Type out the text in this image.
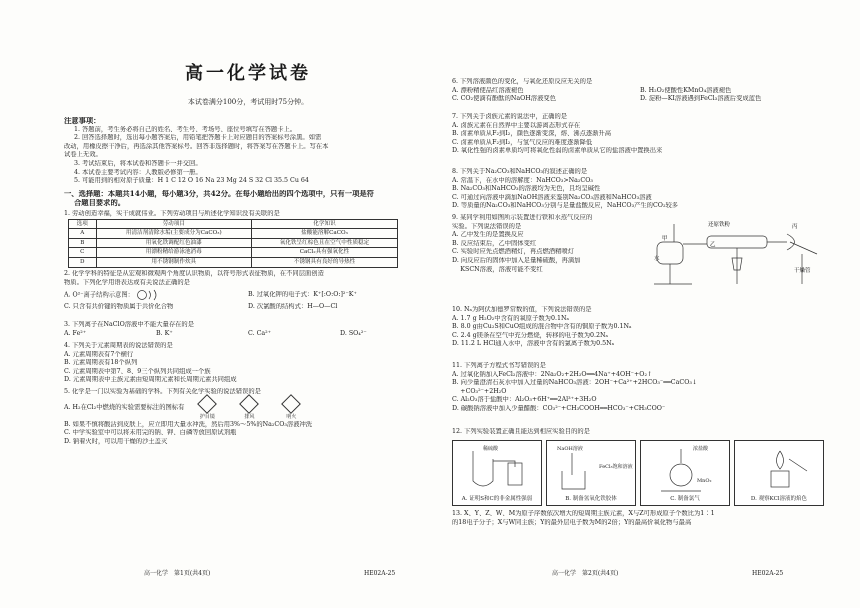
高一化学试卷
本试卷满分100分，考试用时75分钟。
注意事项：
1. 答题前，考生务必将自己的姓名、考生号、考场号、座位号填写在答题卡上。
2. 回答选择题时，选出每小题答案后，用铅笔把答题卡上对应题目的答案标号涂黑。如需
改动，用橡皮擦干净后，再选涂其他答案标号。回答非选择题时，将答案写在答题卡上。写在本
试卷上无效。
3. 考试结束后，将本试卷和答题卡一并交回。
4. 本试卷主要考试内容：人教版必修第一册。
5. 可能用到的相对原子质量：H 1 C 12 O 16 Na 23 Mg 24 S 32 Cl 35.5 Cu 64
一、选择题：本题共14小题，每小题3分，共42分。在每小题给出的四个选项中，只有一项是符
合题目要求的。
1. 劳动创造幸福，实干成就伟业。下列劳动项目与所述化学知识没有关联的是
选项	劳动项目	化学知识
A	用清洁剂清除水垢(主要成分为CaCO₃)	盐酸能溶解CaCO₃
B	用氧化铁调配红色油漆	氧化铁呈红棕色且在空气中性质稳定
C	用漂粉精给游泳池消毒	CaCl₂具有强氧化性
D	用不锈钢制作炊具	不锈钢具有良好的导热性
2. 化学学科的特征是从宏观和微观两个角度认识物质，以符号形式表征物质，在不同层面创造
物质。下列化学用语表达或有关说法正确的是
A. O²⁻离子结构示意图：	B. 过氧化钾的电子式：K⁺[:O:O:]²⁻K⁺
C. 只含有共价键的物质属于共价化合物	D. 次氯酸的结构式：H—O—Cl
3. 下列离子在NaClO溶液中不能大量存在的是
A. Fe²⁺	B. K⁺	C. Ca²⁺	D. SO₄²⁻
4. 下列关于元素周期表的说法错误的是
A. 元素周期表有7个横行
B. 元素周期表有18个纵列
C. 元素周期表中第7、8、9三个纵列共同组成一个族
D. 元素周期表中主族元素由短周期元素和长周期元素共同组成
5. 化学是一门以实验为基础的学科。下列有关化学实验的说法错误的是
A. H₂在Cl₂中燃烧的实验需要标注的图标有
护目镜	排风	明火
B. 如果不慎将酸沾到皮肤上，应立即用大量水冲洗，然后用3%～5%的Na₂CO₃溶液冲洗
C. 中学实验室中可以将未用完的钠、钾、白磷等放回原试剂瓶
D. 钠着火时，可以用干燥的沙土盖灭
高一化学　第1页(共4页)	HE02A-25
6. 下列溶液颜色的变化，与氧化还原反应无关的是
A. 漂粉精使品红溶液褪色	B. H₂O₂使酸性KMnO₄溶液褪色
C. CO₂使滴有酚酞的NaOH溶液变色	D. 淀粉—KI溶液遇到FeCl₃溶液后变成蓝色
7. 下列关于卤族元素的说法中，正确的是
A. 卤族元素在自然界中主要以游离态形式存在
B. 卤素单质从F₂到I₂，颜色逐渐变深，熔、沸点逐渐升高
C. 卤素单质从F₂到I₂，与氢气反应的难度逐渐降低
D. 氧化性强的卤素单质均可将氧化性弱的卤素单质从它的盐溶液中置换出来
8. 下列关于Na₂CO₃和NaHCO₃的叙述正确的是
A. 常温下，在水中的溶解度：NaHCO₃>Na₂CO₃
B. Na₂CO₃和NaHCO₃的溶液均为无色，且均呈碱性
C. 可通过向溶液中滴加NaOH溶液来鉴别Na₂CO₃溶液和NaHCO₃溶液
D. 等质量的Na₂CO₃和NaHCO₃分别与足量盐酸反应，NaHCO₃产生的CO₂较多
9. 某同学利用如图所示装置进行铁和水蒸气反应的
实验。下列说法错误的是
A. 乙中发生的是置换反应
B. 反应结束后，乙中固体变红
C. 实验时应先点燃酒精灯，再点燃酒精喷灯
D. 向反应后的固体中加入足量稀硫酸，再滴加
　 KSCN溶液，溶液可能不变红
还原铁粉
乙
甲
丙
水
干燥管
10. Nₐ为阿伏加德罗常数的值，下列说法错误的是
A. 1.7 g H₂O₂中含有的氧原子数为0.1Nₐ
B. 8.0 g由Cu₂S和CuO组成的混合物中含有的铜原子数为0.1Nₐ
C. 2.4 g镁条在空气中充分燃烧，转移的电子数为0.2Nₐ
D. 11.2 L HCl通入水中，溶液中含有的氯离子数为0.5Nₐ
11. 下列离子方程式书写错误的是
A. 过氧化钠加入FeCl₂溶液中：2Na₂O₂+2H₂O══4Na⁺+4OH⁻+O₂↑
B. 向少量澄清石灰水中加入过量的NaHCO₃溶液：2OH⁻+Ca²⁺+2HCO₃⁻══CaCO₃↓
　 +CO₃²⁻+2H₂O
C. Al₂O₃溶于盐酸中：Al₂O₃+6H⁺══2Al³⁺+3H₂O
D. 碳酸钠溶液中加入少量醋酸：CO₃²⁻+CH₃COOH══HCO₃⁻+CH₃COO⁻
12. 下列实验装置正确且能达到相应实验目的的是
稀硫酸
A. 证明S和C的非金属性强弱
NaOH溶液
FeCl₃饱和溶液
B. 制备氢氧化铁胶体
浓盐酸
MnO₂
C. 制备氯气	D. 观察KCl溶液的焰色
13. X、Y、Z、W、M为原子序数依次增大的短周期主族元素，X与Z可形成原子个数比为1∶1
的18电子分子；X与W同主族；Y的最外层电子数为M的2倍；Y的最高价氧化物与最高
高一化学　第2页(共4页)	HE02A-25
